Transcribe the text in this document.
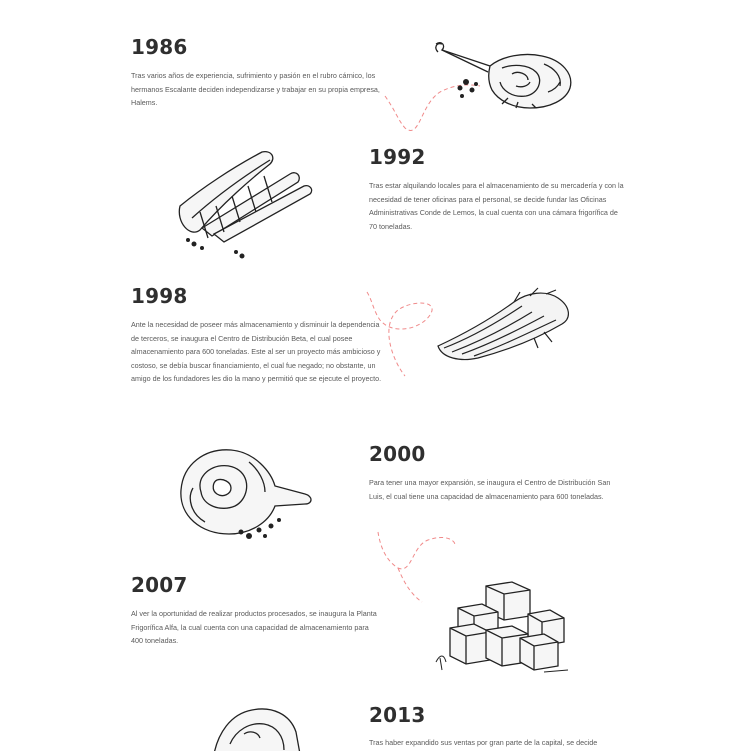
1986

Tras varios años de experiencia, sufrimiento y pasión en el rubro cárnico, los hermanos Escalante deciden independizarse y trabajar en su propia empresa, Halems.

1992

Tras estar alquilando locales para el almacenamiento de su mercadería y con la necesidad de tener oficinas para el personal, se decide fundar las Oficinas Administrativas Conde de Lemos, la cual cuenta con una cámara frigorífica de 70 toneladas.

1998

Ante la necesidad de poseer más almacenamiento y disminuir la dependencia de terceros, se inaugura el Centro de Distribución Beta, el cual posee almacenamiento para 600 toneladas. Este al ser un proyecto más ambicioso y costoso, se debía buscar financiamiento, el cual fue negado; no obstante, un amigo de los fundadores les dio la mano y permitió que se ejecute el proyecto.

2000

Para tener una mayor expansión, se inaugura el Centro de Distribución San Luis, el cual tiene una capacidad de almacenamiento para 600 toneladas.

2007

Al ver la oportunidad de realizar productos procesados, se inaugura la Planta Frigorífica Alfa, la cual cuenta con una capacidad de almacenamiento para 400 toneladas.

2013

Tras haber expandido sus ventas por gran parte de la capital, se decide
